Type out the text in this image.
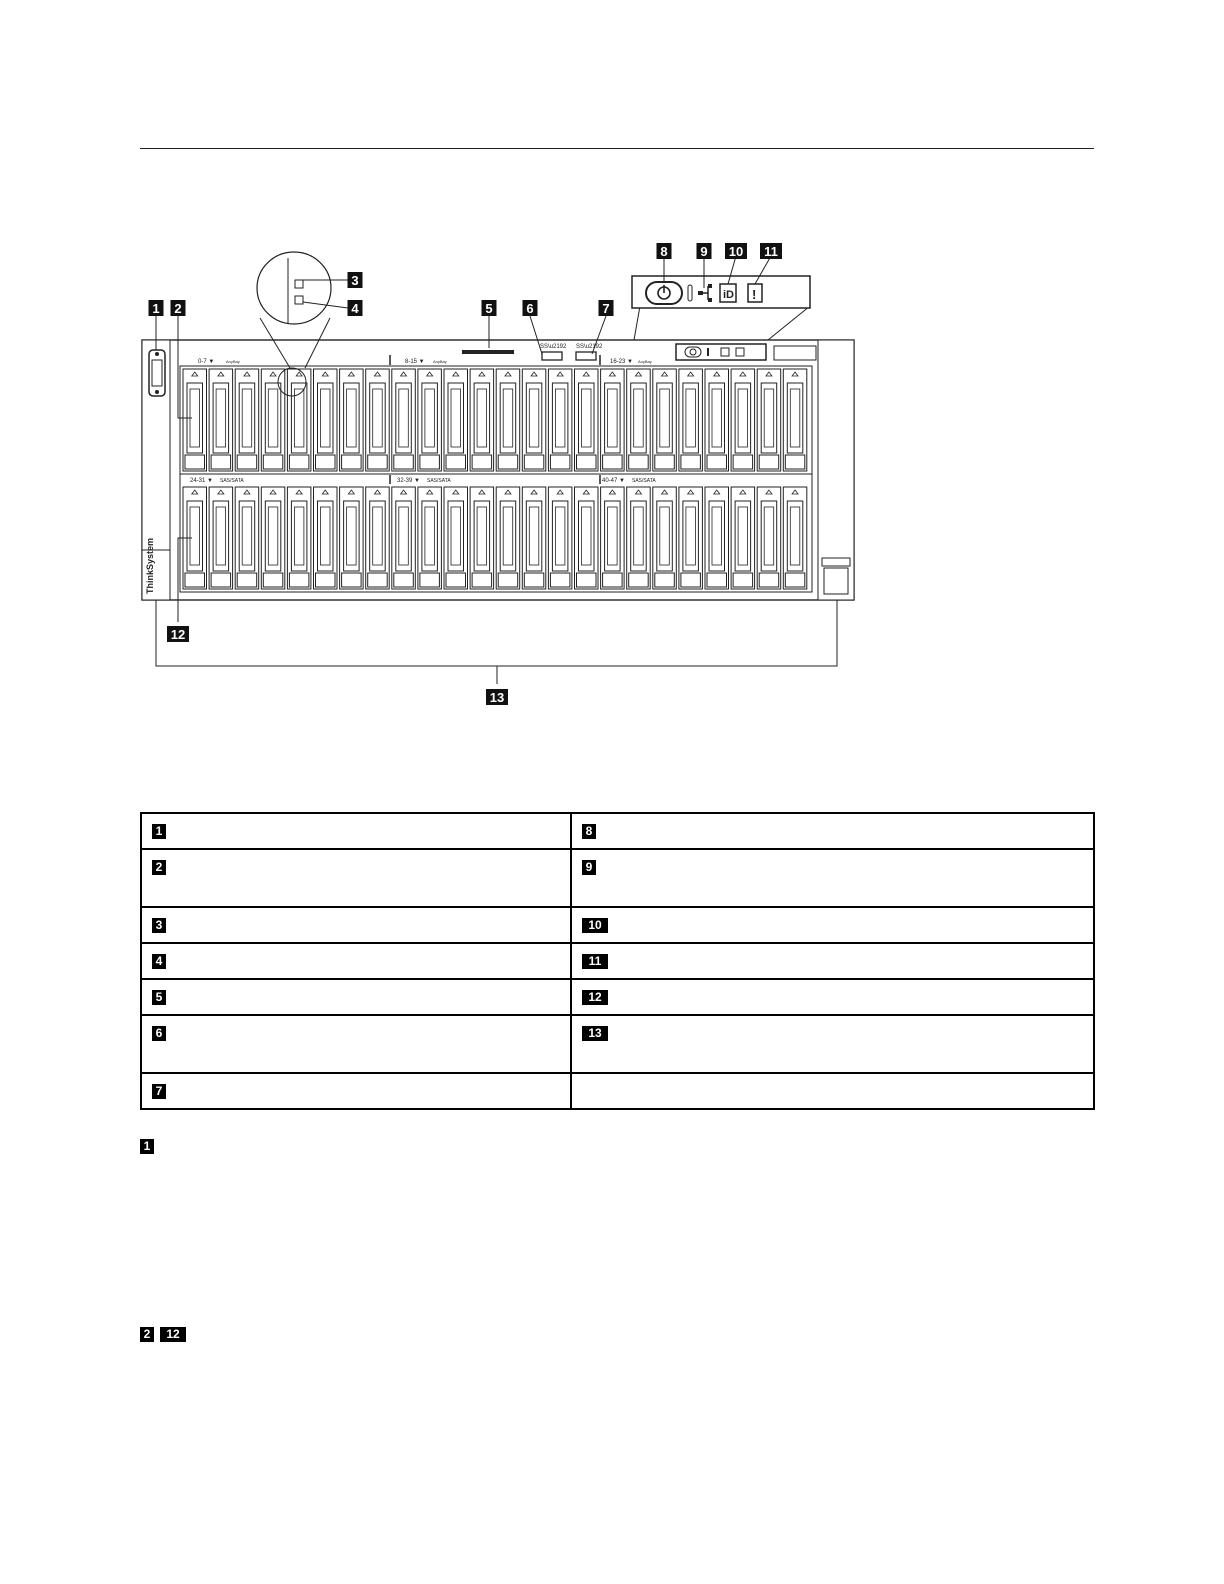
ThinkSystem
0-7 ▼	AnyBay	8-15 ▼ AnyBay	16-23 ▼ AnyBay
24-31 ▼ SAS/SATA	32-39 ▼ SAS/SATA	40-47 ▼ SAS/SATA
SS\u2192 SS\u2192
iD !
1 2
3
4	5	6	7
8	9 10 11
12
13
1	8
2	9
3	10
4	11
5	12
6	13
7	
1
2 12
